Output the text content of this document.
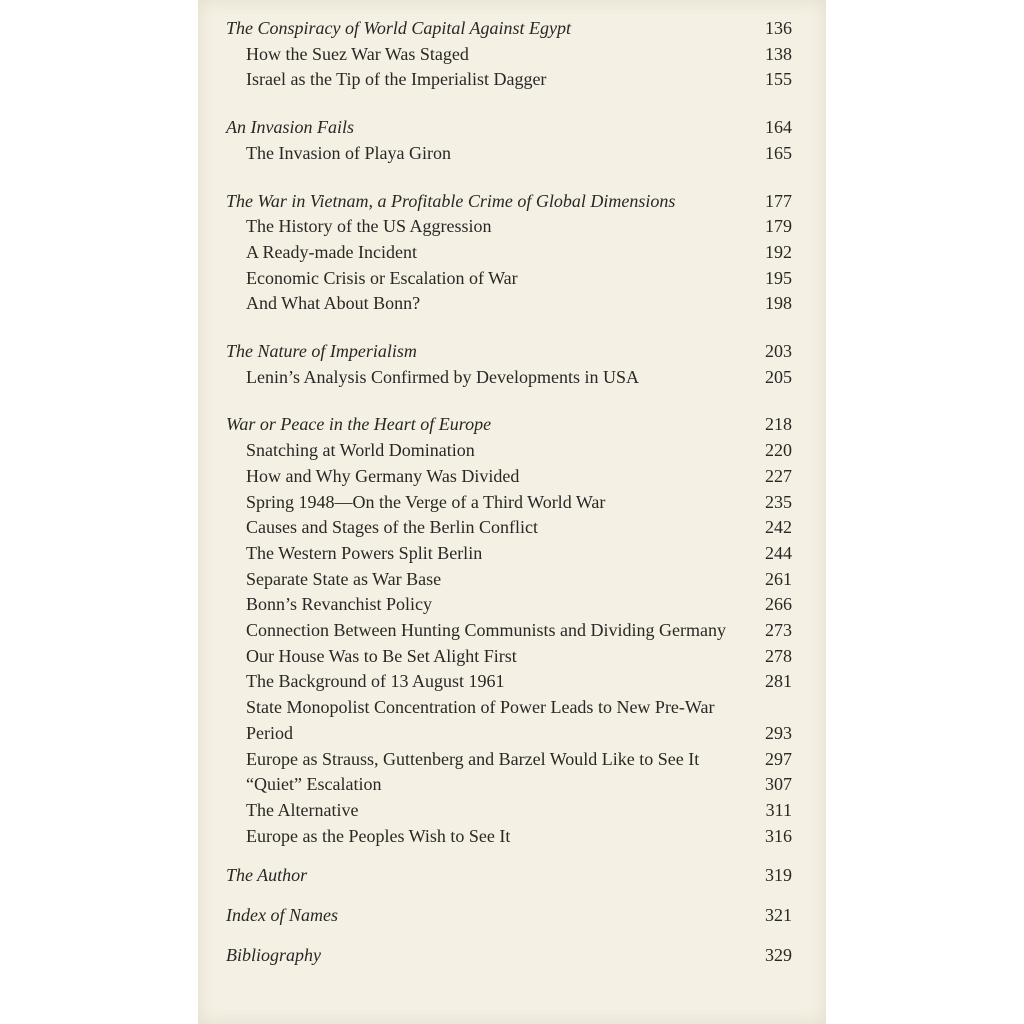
The Conspiracy of World Capital Against Egypt	136
How the Suez War Was Staged	138
Israel as the Tip of the Imperialist Dagger	155
An Invasion Fails	164
The Invasion of Playa Giron	165
The War in Vietnam, a Profitable Crime of Global Dimensions	177
The History of the US Aggression	179
A Ready-made Incident	192
Economic Crisis or Escalation of War	195
And What About Bonn?	198
The Nature of Imperialism	203
Lenin’s Analysis Confirmed by Developments in USA	205
War or Peace in the Heart of Europe	218
Snatching at World Domination	220
How and Why Germany Was Divided	227
Spring 1948—On the Verge of a Third World War	235
Causes and Stages of the Berlin Conflict	242
The Western Powers Split Berlin	244
Separate State as War Base	261
Bonn’s Revanchist Policy	266
Connection Between Hunting Communists and Dividing Germany 273
Our House Was to Be Set Alight First	278
The Background of 13 August 1961	281
State Monopolist Concentration of Power Leads to New Pre-War Period	293
Europe as Strauss, Guttenberg and Barzel Would Like to See It	297
“Quiet” Escalation	307
The Alternative	311
Europe as the Peoples Wish to See It	316
The Author	319
Index of Names	321
Bibliography	329
